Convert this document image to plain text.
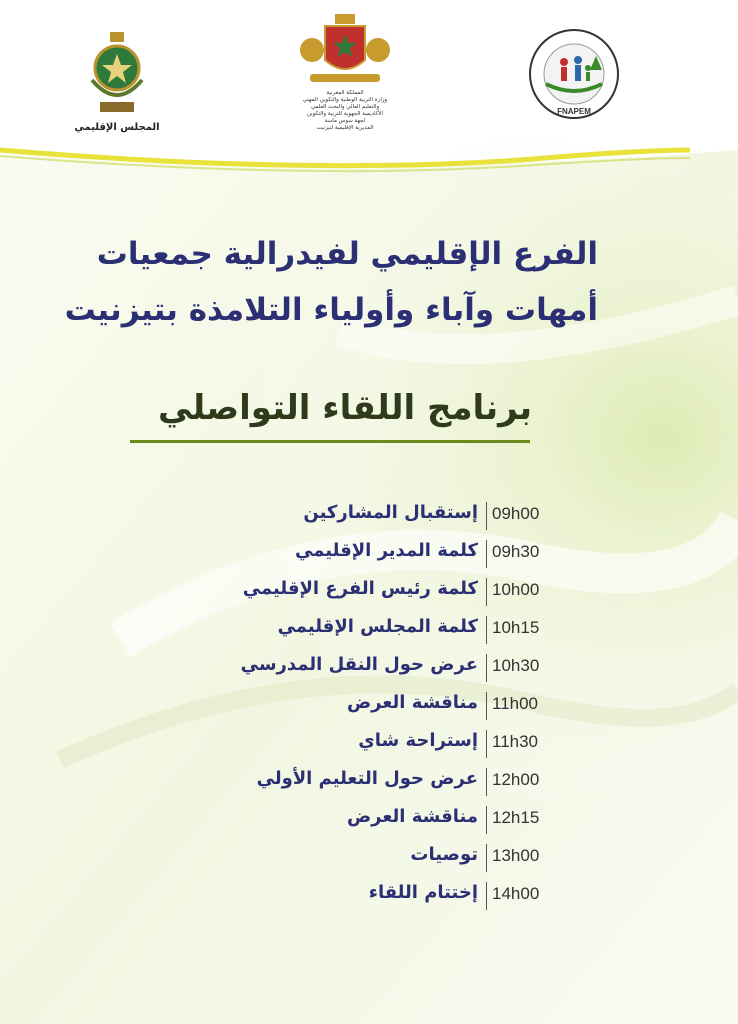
المجلس الإقليمي
المملكة المغربية
وزارة التربية الوطنية والتكوين المهني
والتعليم العالي والبحث العلمي
الأكاديمية الجهوية للتربية والتكوين
لجهة سوس ماسة
المديرية الإقليمية لتيزنيت
FNAPEM
الفرع الإقليمي لفيدرالية جمعيات
أمهات وآباء وأولياء التلامذة بتيزنيت
برنامج اللقاء التواصلي
إستقبال المشاركين 09h00
كلمة المدير الإقليمي 09h30
كلمة رئيس الفرع الإقليمي 10h00
كلمة المجلس الإقليمي 10h15
عرض حول النقل المدرسي 10h30
مناقشة العرض 11h00
إستراحة شاي 11h30
عرض حول التعليم الأولي 12h00
مناقشة العرض 12h15
توصيات 13h00
إختتام اللقاء 14h00
